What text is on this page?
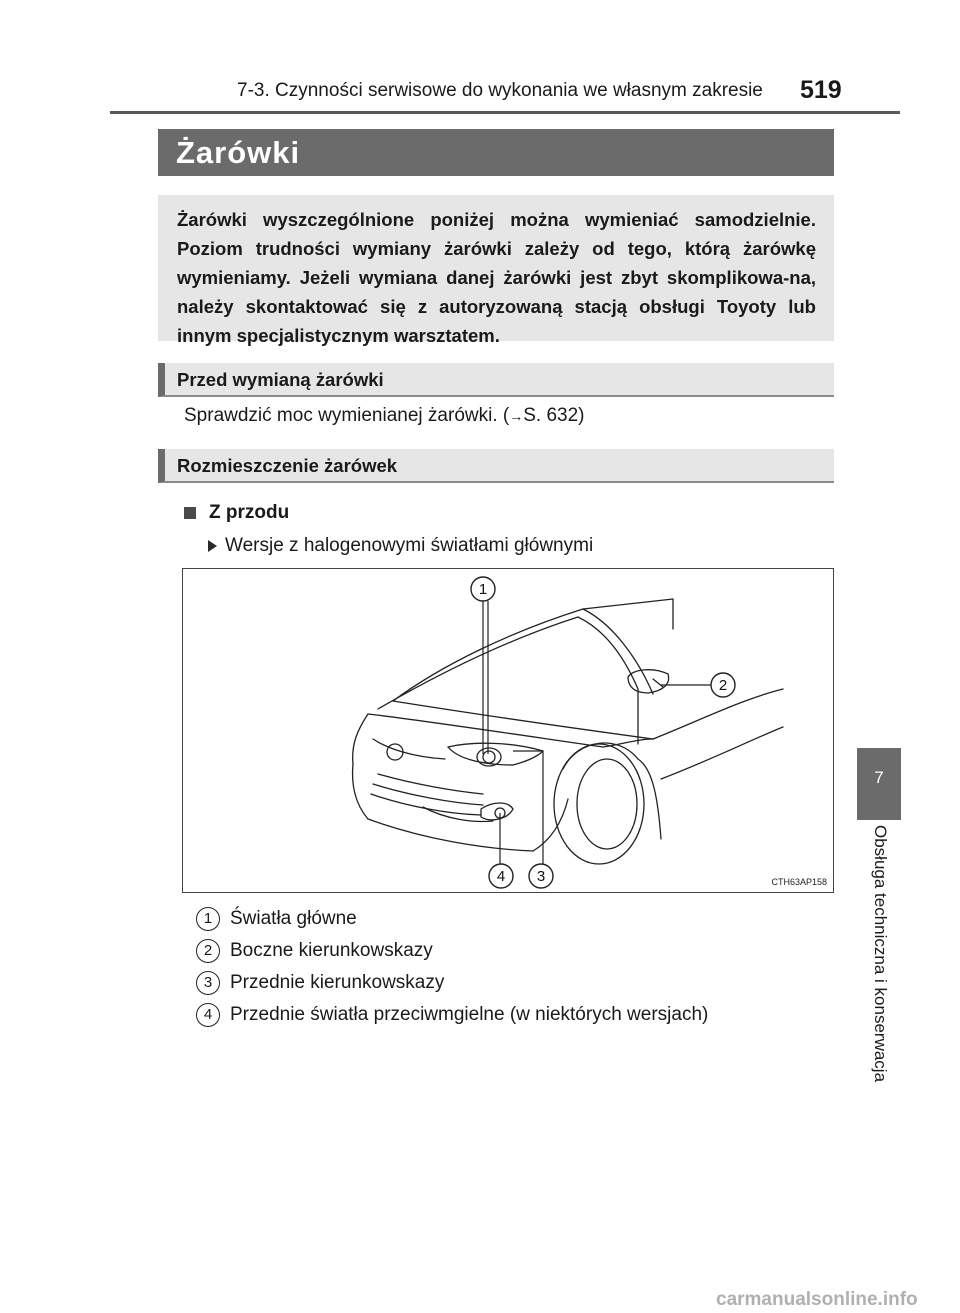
7-3. Czynności serwisowe do wykonania we własnym zakresie 519
7
Obsługa techniczna i konserwacja
Żarówki
Żarówki wyszczególnione poniżej można wymieniać samodzielnie. Poziom trudności wymiany żarówki zależy od tego, którą żarówkę wymieniamy. Jeżeli wymiana danej żarówki jest zbyt skomplikowa-na, należy skontaktować się z autoryzowaną stacją obsługi Toyoty lub innym specjalistycznym warsztatem.
Przed wymianą żarówki
Sprawdzić moc wymienianej żarówki. (→S. 632)
Rozmieszczenie żarówek
Z przodu
Wersje z halogenowymi światłami głównymi
1
2
3
4	CTH63AP158
1 Światła główne
2 Boczne kierunkowskazy
3 Przednie kierunkowskazy
4 Przednie światła przeciwmgielne (w niektórych wersjach)
carmanualsonline.info
